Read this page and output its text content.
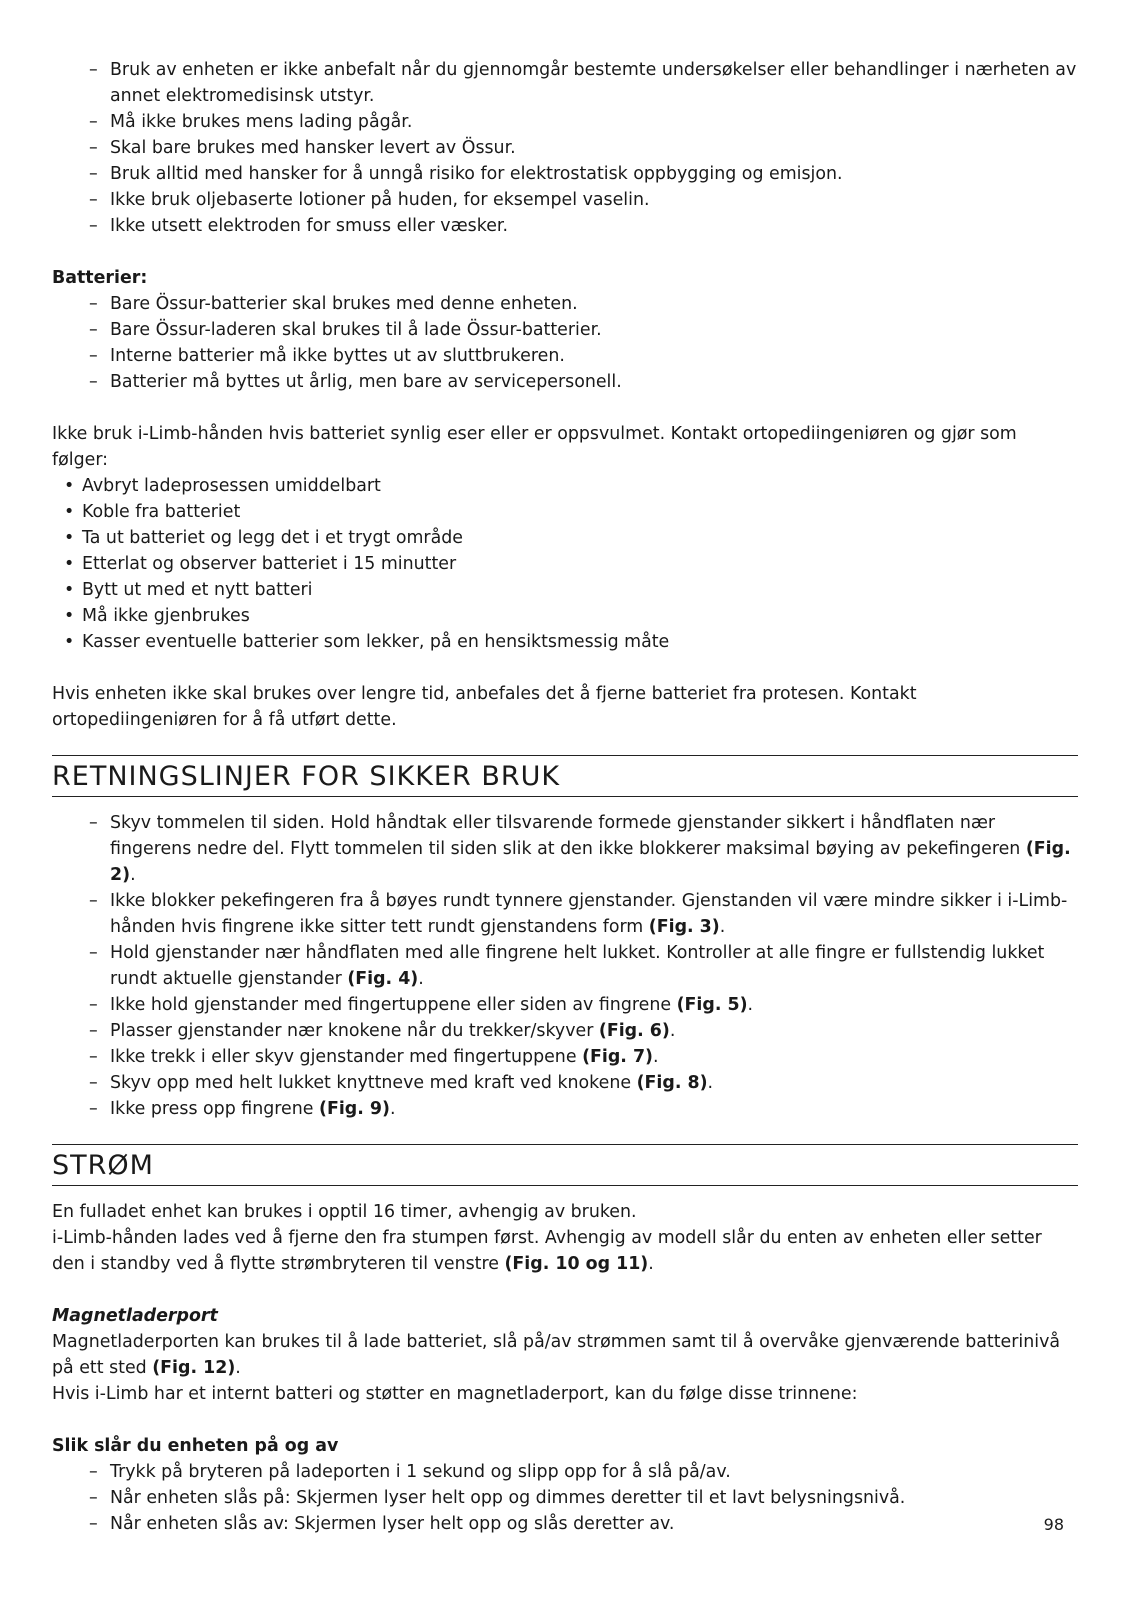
– Bruk av enheten er ikke anbefalt når du gjennomgår bestemte undersøkelser eller behandlinger i nærheten av annet elektromedisinsk utstyr.
– Må ikke brukes mens lading pågår.
– Skal bare brukes med hansker levert av Össur.
– Bruk alltid med hansker for å unngå risiko for elektrostatisk oppbygging og emisjon.
– Ikke bruk oljebaserte lotioner på huden, for eksempel vaselin.
– Ikke utsett elektroden for smuss eller væsker.

Batterier:

– Bare Össur-batterier skal brukes med denne enheten.
– Bare Össur-laderen skal brukes til å lade Össur-batterier.
– Interne batterier må ikke byttes ut av sluttbrukeren.
– Batterier må byttes ut årlig, men bare av servicepersonell.

Ikke bruk i-Limb-hånden hvis batteriet synlig eser eller er oppsvulmet. Kontakt ortopediingeniøren og gjør som følger:

• Avbryt ladeprosessen umiddelbart
• Koble fra batteriet
• Ta ut batteriet og legg det i et trygt område
• Etterlat og observer batteriet i 15 minutter
• Bytt ut med et nytt batteri
• Må ikke gjenbrukes
• Kasser eventuelle batterier som lekker, på en hensiktsmessig måte

Hvis enheten ikke skal brukes over lengre tid, anbefales det å fjerne batteriet fra protesen. Kontakt ortopediingeniøren for å få utført dette.

RETNINGSLINJER FOR SIKKER BRUK
– Skyv tommelen til siden. Hold håndtak eller tilsvarende formede gjenstander sikkert i håndflaten nær fingerens nedre del. Flytt tommelen til siden slik at den ikke blokkerer maksimal bøying av pekefingeren (Fig. 2).
– Ikke blokker pekefingeren fra å bøyes rundt tynnere gjenstander. Gjenstanden vil være mindre sikker i i-Limb-hånden hvis fingrene ikke sitter tett rundt gjenstandens form (Fig. 3).
– Hold gjenstander nær håndflaten med alle fingrene helt lukket. Kontroller at alle fingre er fullstendig lukket rundt aktuelle gjenstander (Fig. 4).
– Ikke hold gjenstander med fingertuppene eller siden av fingrene (Fig. 5).
– Plasser gjenstander nær knokene når du trekker/skyver (Fig. 6).
– Ikke trekk i eller skyv gjenstander med fingertuppene (Fig. 7).
– Skyv opp med helt lukket knyttneve med kraft ved knokene (Fig. 8).
– Ikke press opp fingrene (Fig. 9).
STRØM

En fulladet enhet kan brukes i opptil 16 timer, avhengig av bruken.

i-Limb-hånden lades ved å fjerne den fra stumpen først. Avhengig av modell slår du enten av enheten eller setter den i standby ved å flytte strømbryteren til venstre (Fig. 10 og 11).

Magnetladerport

Magnetladerporten kan brukes til å lade batteriet, slå på/av strømmen samt til å overvåke gjenværende batterinivå på ett sted (Fig. 12).

Hvis i-Limb har et internt batteri og støtter en magnetladerport, kan du følge disse trinnene:

Slik slår du enheten på og av

– Trykk på bryteren på ladeporten i 1 sekund og slipp opp for å slå på/av.
– Når enheten slås på: Skjermen lyser helt opp og dimmes deretter til et lavt belysningsnivå.
– Når enheten slås av: Skjermen lyser helt opp og slås deretter av.	98
